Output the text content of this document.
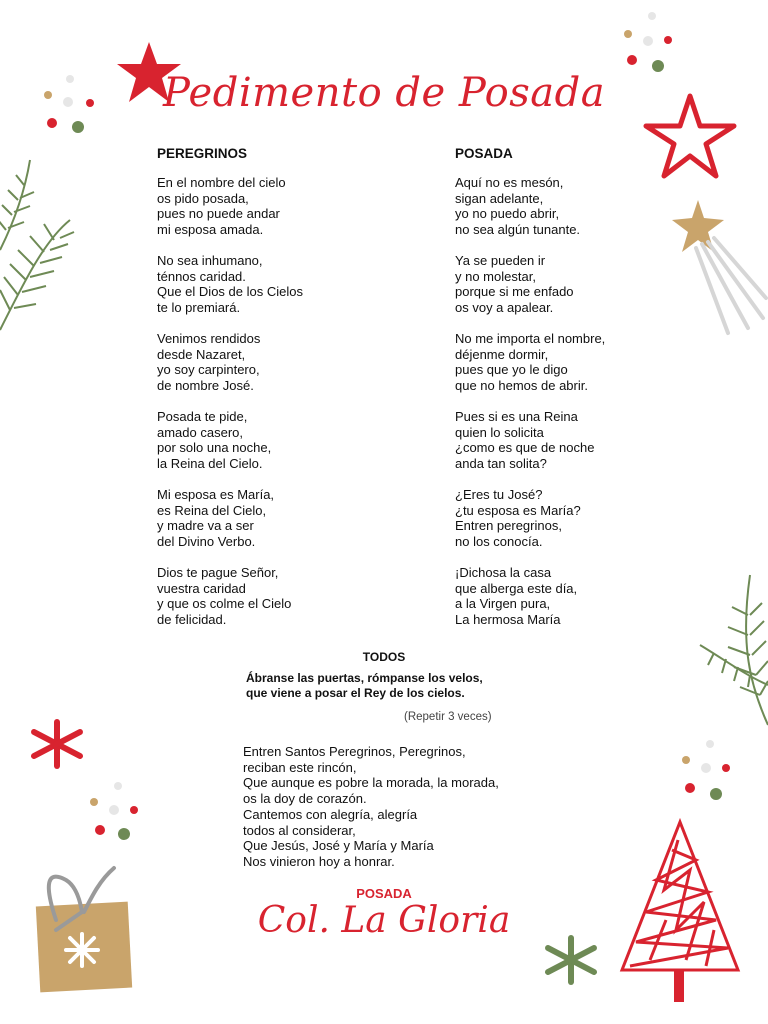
Pedimento de Posada
PEREGRINOS	POSADA
En el nombre del cielo
os pido posada,
pues no puede andar
mi esposa amada.
No sea inhumano,
ténnos caridad.
Que el Dios de los Cielos
te lo premiará.
Venimos rendidos
desde Nazaret,
yo soy carpintero,
de nombre José.
Posada te pide,
amado casero,
por solo una noche,
la Reina del Cielo.
Mi esposa es María,
es Reina del Cielo,
y madre va a ser
del Divino Verbo.
Dios te pague Señor,
vuestra caridad
y que os colme el Cielo
de felicidad.
Aquí no es mesón,
sigan adelante,
yo no puedo abrir,
no sea algún tunante.
Ya se pueden ir
y no molestar,
porque si me enfado
os voy a apalear.
No me importa el nombre,
déjenme dormir,
pues que yo le digo
que no hemos de abrir.
Pues si es una Reina
quien lo solicita
¿como es que de noche
anda tan solita?
¿Eres tu José?
¿tu esposa es María?
Entren peregrinos,
no los conocía.
¡Dichosa la casa
que alberga este día,
a la Virgen pura,
La hermosa María
TODOS
Ábranse las puertas, rómpanse los velos,
que viene a posar el Rey de los cielos.
(Repetir 3 veces)
Entren Santos Peregrinos, Peregrinos,
reciban este rincón,
Que aunque es pobre la morada, la morada,
os la doy de corazón.
Cantemos con alegría, alegría
todos al considerar,
Que Jesús, José y María y María
Nos vinieron hoy a honrar.
POSADA
Col. La Gloria
